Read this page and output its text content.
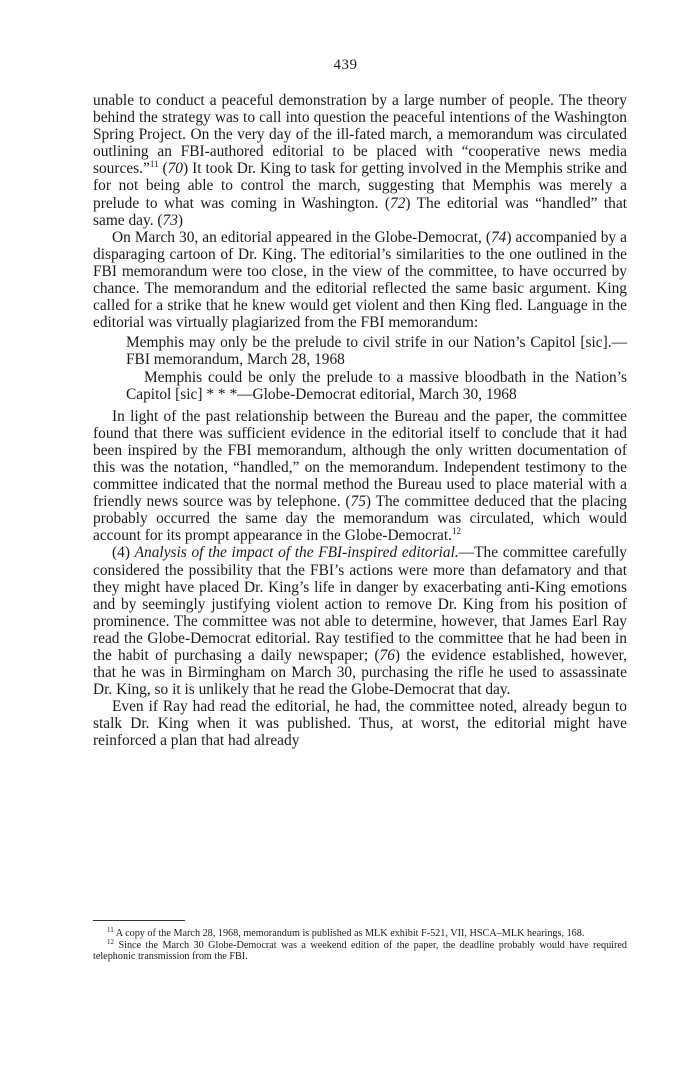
439

unable to conduct a peaceful demonstration by a large number of people. The theory behind the strategy was to call into question the peaceful intentions of the Washington Spring Project. On the very day of the ill-fated march, a memorandum was circulated outlining an FBI-authored editorial to be placed with “cooperative news media sources.”$^{11}$ (70) It took Dr. King to task for getting involved in the Memphis strike and for not being able to control the march, suggesting that Memphis was merely a prelude to what was coming in Washington. (72) The editorial was “handled” that same day. (73)

On March 30, an editorial appeared in the Globe-Democrat, (74) accompanied by a disparaging cartoon of Dr. King. The editorial’s similarities to the one outlined in the FBI memorandum were too close, in the view of the committee, to have occurred by chance. The memorandum and the editorial reflected the same basic argument. King called for a strike that he knew would get violent and then King fled. Language in the editorial was virtually plagiarized from the FBI memorandum:

Memphis may only be the prelude to civil strife in our Nation’s Capitol [sic].—FBI memorandum, March 28, 1968

Memphis could be only the prelude to a massive bloodbath in the Nation’s Capitol [sic] * * *—Globe-Democrat editorial, March 30, 1968

In light of the past relationship between the Bureau and the paper, the committee found that there was sufficient evidence in the editorial itself to conclude that it had been inspired by the FBI memorandum, although the only written documentation of this was the notation, “handled,” on the memorandum. Independent testimony to the committee indicated that the normal method the Bureau used to place material with a friendly news source was by telephone. (75) The committee deduced that the placing probably occurred the same day the memorandum was circulated, which would account for its prompt appearance in the Globe-Democrat.$^{12}$

(4) Analysis of the impact of the FBI-inspired editorial.—The committee carefully considered the possibility that the FBI’s actions were more than defamatory and that they might have placed Dr. King’s life in danger by exacerbating anti-King emotions and by seemingly justifying violent action to remove Dr. King from his position of prominence. The committee was not able to determine, however, that James Earl Ray read the Globe-Democrat editorial. Ray testified to the committee that he had been in the habit of purchasing a daily newspaper; (76) the evidence established, however, that he was in Birmingham on March 30, purchasing the rifle he used to assassinate Dr. King, so it is unlikely that he read the Globe-Democrat that day.

Even if Ray had read the editorial, he had, the committee noted, already begun to stalk Dr. King when it was published. Thus, at worst, the editorial might have reinforced a plan that had already

$^{11}$ A copy of the March 28, 1968, memorandum is published as MLK exhibit F-521, VII, HSCA–MLK hearings, 168.

$^{12}$ Since the March 30 Globe-Democrat was a weekend edition of the paper, the deadline probably would have required telephonic transmission from the FBI.
